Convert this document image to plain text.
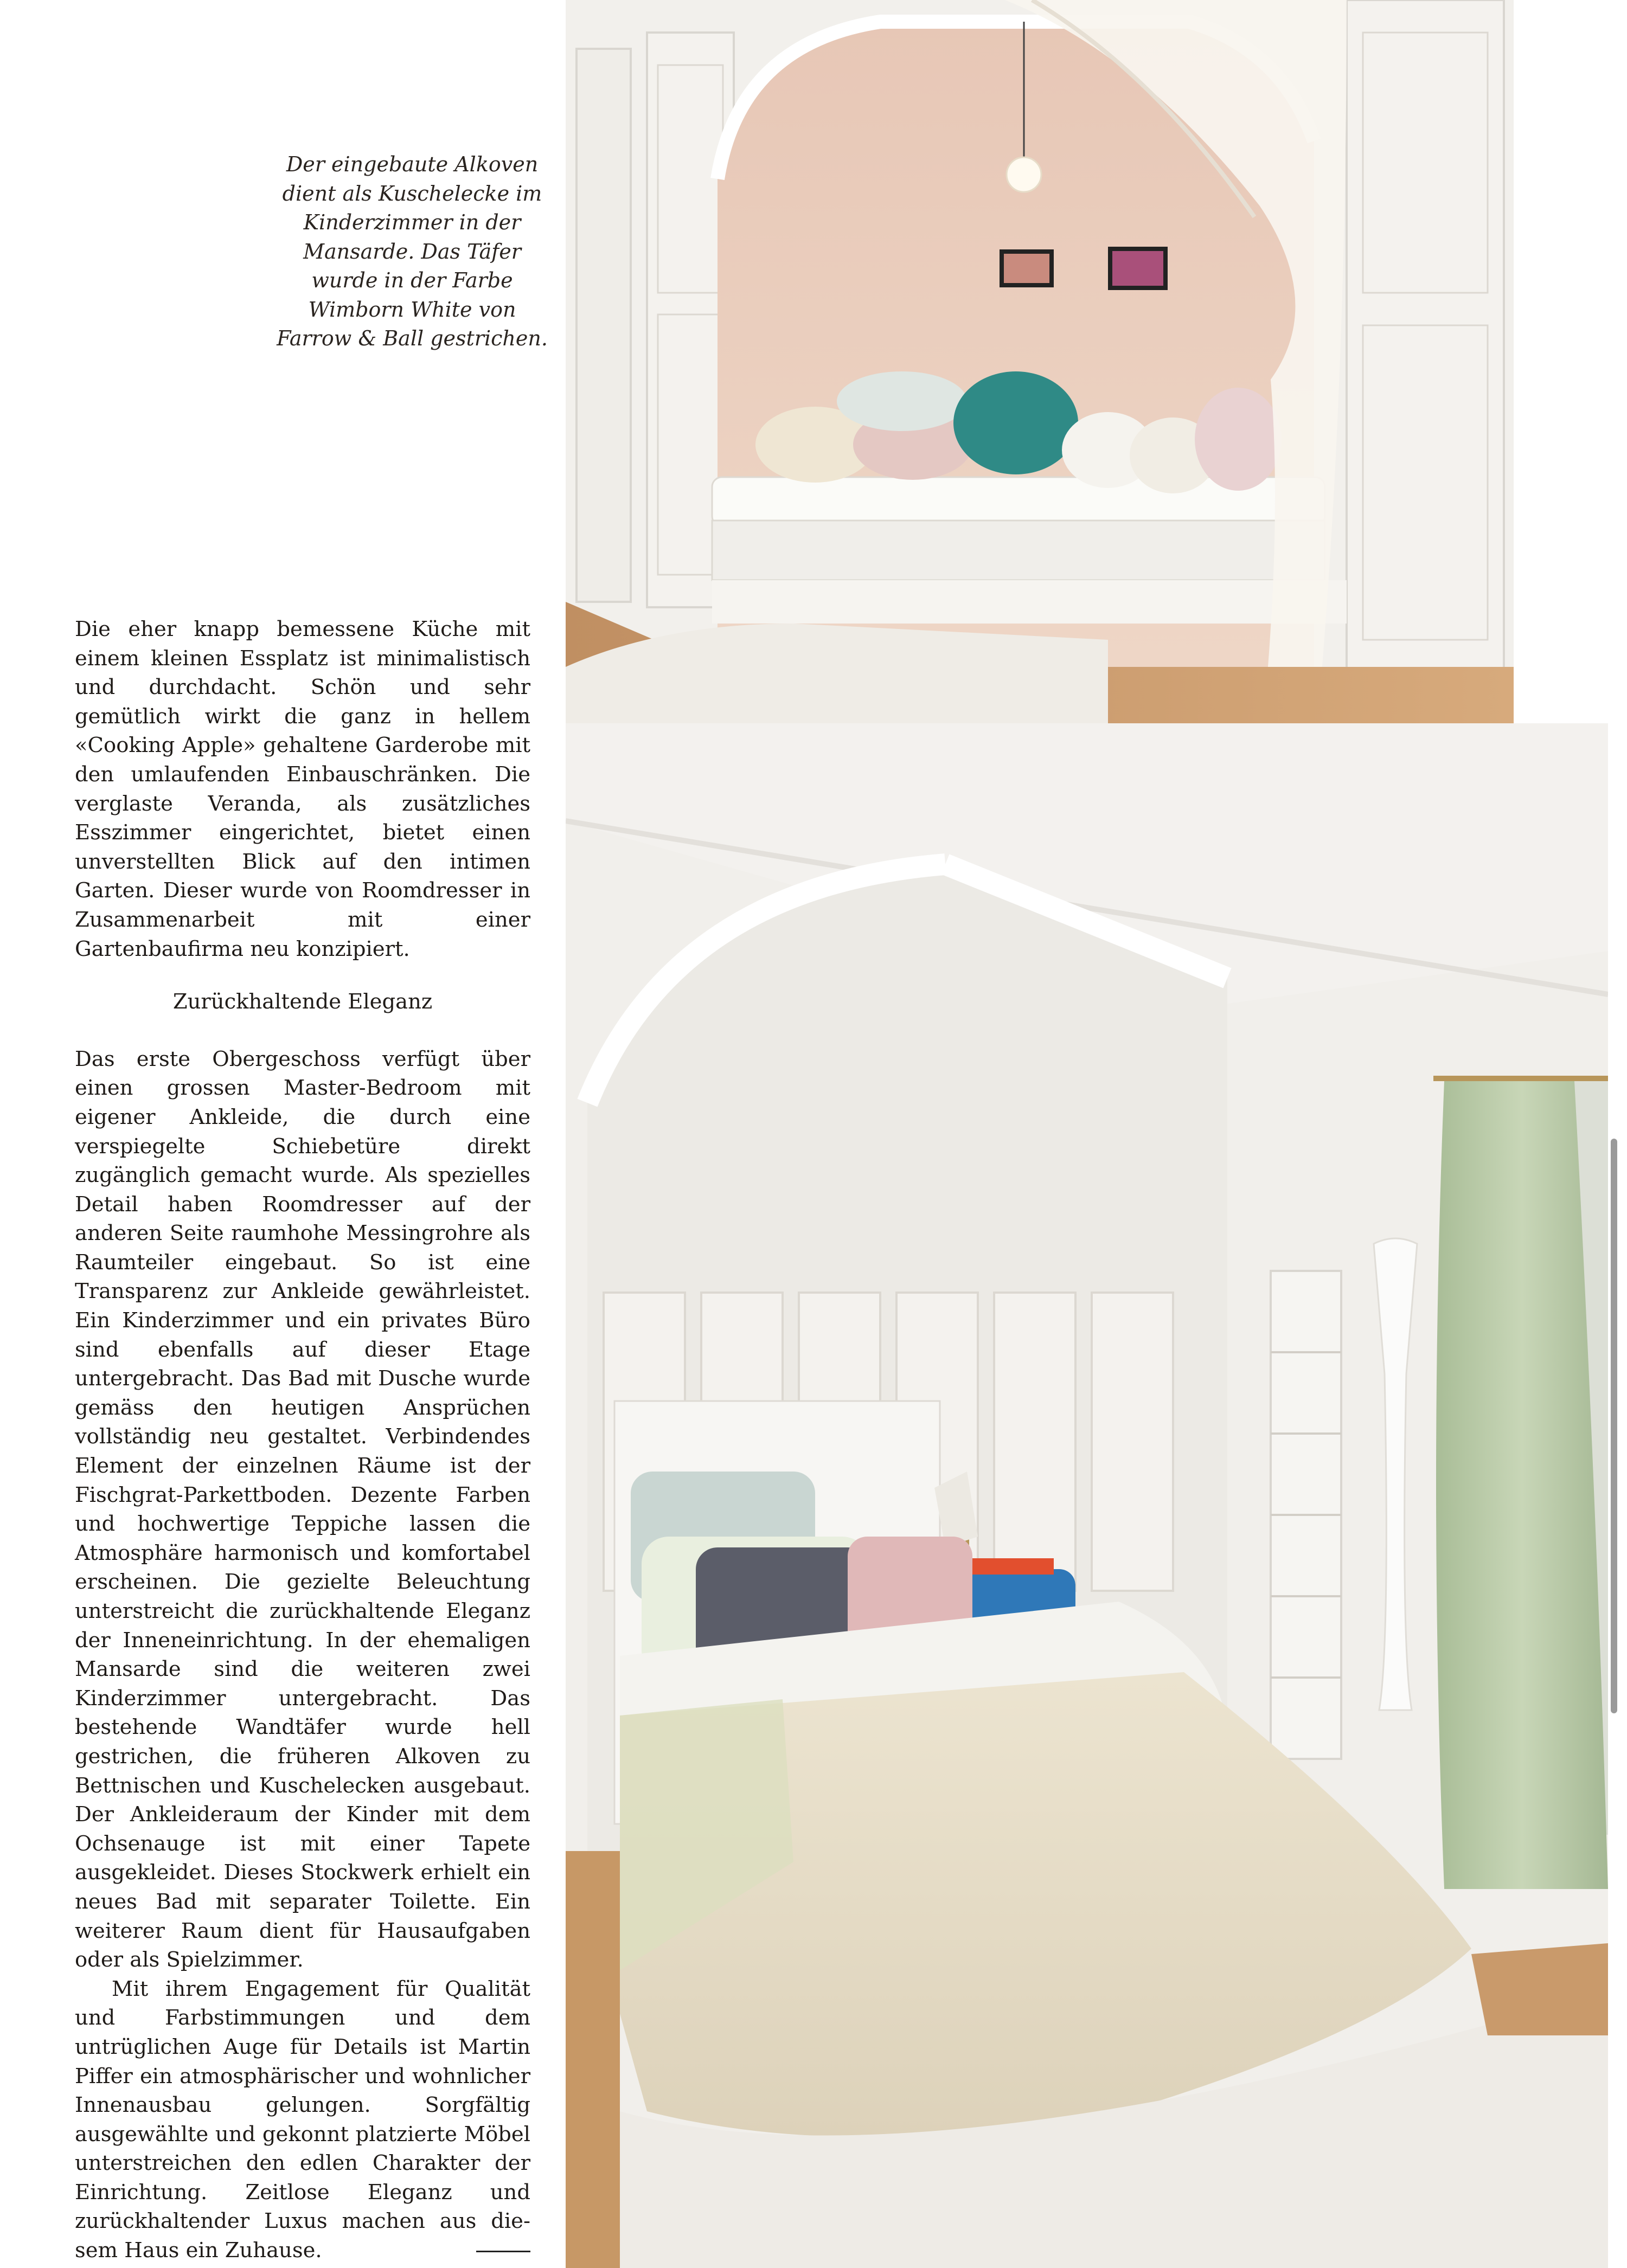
Der eingebaute Alkoven dient als Kuschelecke im Kinderzimmer in der Mansarde. Das Täfer wurde in der Farbe Wimborn White von Farrow & Ball gestrichen.

Die eher knapp bemessene Küche mit einem kleinen Essplatz ist minimalistisch und durchdacht. Schön und sehr gemütlich wirkt die ganz in hellem «Cooking Apple» gehaltene Garderobe mit den umlaufenden Einbauschränken. Die verglaste Veranda, als zusätzliches Esszimmer eingerichtet, bietet einen unverstellten Blick auf den intimen Garten. Dieser wurde von Roomdresser in Zusammenarbeit mit einer Gartenbaufirma neu konzipiert.

Zurückhaltende Eleganz

Das erste Obergeschoss verfügt über einen grossen Master-Bedroom mit eigener Ankleide, die durch eine verspiegelte Schiebetüre direkt zugänglich gemacht wurde. Als spezielles Detail haben Roomdresser auf der anderen Seite raumhohe Messingrohre als Raumteiler eingebaut. So ist eine Transparenz zur Ankleide gewährleistet. Ein Kinderzimmer und ein privates Büro sind ebenfalls auf dieser Etage untergebracht. Das Bad mit Dusche wurde gemäss den heutigen Ansprüchen vollständig neu gestaltet. Verbindendes Element der einzelnen Räume ist der Fischgrat-Parkettboden. Dezente Farben und hochwertige Teppiche lassen die Atmosphäre harmonisch und komfortabel erscheinen. Die gezielte Beleuchtung unterstreicht die zurückhaltende Eleganz der Inneneinrichtung. In der ehemaligen Mansarde sind die weiteren zwei Kinderzimmer untergebracht. Das bestehende Wandtäfer wurde hell gestrichen, die früheren Alkoven zu Bettnischen und Kuschelecken ausgebaut. Der Ankleideraum der Kinder mit dem Ochsenauge ist mit einer Tapete ausgekleidet. Dieses Stockwerk erhielt ein neues Bad mit separater Toilette. Ein weiterer Raum dient für Hausaufgaben oder als Spielzimmer.

Mit ihrem Engagement für Qualität und Farbstimmungen und dem untrüglichen Auge für Details ist Martin Piffer ein atmosphärischer und wohnlicher Innenausbau gelungen. Sorgfältig ausgewählte und gekonnt platzierte Möbel unterstreichen den edlen Charakter der Einrichtung. Zeitlose Eleganz und zurückhaltender Luxus machen aus diesem Haus ein Zuhause.
